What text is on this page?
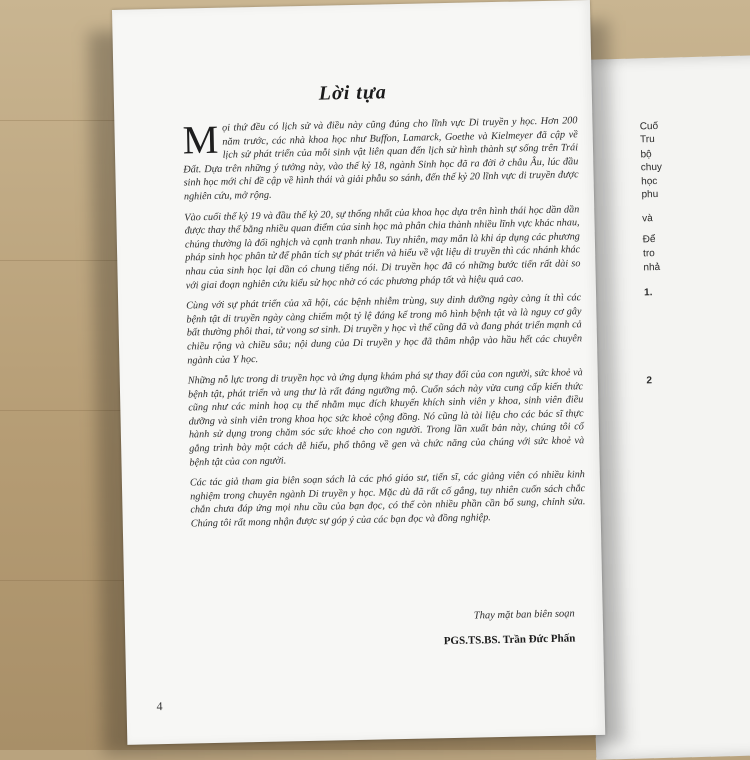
Cuố
Tru
bộ
chuy
học
phu
và
Để
tro
nhả
1.
2
Lời tựa

Mọi thứ đều có lịch sử và điều này cũng đúng cho lĩnh vực Di truyền y học. Hơn 200 năm trước, các nhà khoa học như Buffon, Lamarck, Goethe và Kielmeyer đã cập về lịch sử phát triển của mỗi sinh vật liên quan đến lịch sử hình thành sự sống trên Trái Đất. Dựa trên những ý tưởng này, vào thế kỷ 18, ngành Sinh học đã ra đời ở châu Âu, lúc đầu sinh học mới chỉ đề cập về hình thái và giải phẫu so sánh, đến thế kỷ 20 lĩnh vực di truyền được nghiên cứu, mở rộng.

Vào cuối thế kỷ 19 và đầu thế kỷ 20, sự thống nhất của khoa học dựa trên hình thái học dần dần được thay thế bằng nhiều quan điểm của sinh học mà phân chia thành nhiều lĩnh vực khác nhau, chúng thường là đối nghịch và cạnh tranh nhau. Tuy nhiên, may mắn là khi áp dụng các phương pháp sinh học phân tử để phân tích sự phát triển và hiểu về vật liệu di truyền thì các nhánh khác nhau của sinh học lại dần có chung tiếng nói. Di truyền học đã có những bước tiến rất dài so với giai đoạn nghiên cứu kiểu sử học nhờ có các phương pháp tốt và hiệu quả cao.

Cùng với sự phát triển của xã hội, các bệnh nhiễm trùng, suy dinh dưỡng ngày càng ít thì các bệnh tật di truyền ngày càng chiếm một tỷ lệ đáng kể trong mô hình bệnh tật và là nguy cơ gây bất thường phôi thai, tử vong sơ sinh. Di truyền y học vì thế cũng đã và đang phát triển mạnh cả chiều rộng và chiều sâu; nội dung của Di truyền y học đã thâm nhập vào hầu hết các chuyên ngành của Y học.

Những nỗ lực trong di truyền học và ứng dụng khám phá sự thay đổi của con người, sức khoẻ và bệnh tật, phát triển và ung thư là rất đáng ngưỡng mộ. Cuốn sách này vừa cung cấp kiến thức cũng như các minh hoạ cụ thể nhằm mục đích khuyến khích sinh viên y khoa, sinh viên điều dưỡng và sinh viên trong khoa học sức khoẻ cộng đồng. Nó cũng là tài liệu cho các bác sĩ thực hành sử dụng trong chăm sóc sức khoẻ cho con người. Trong lần xuất bản này, chúng tôi cố gắng trình bày một cách dễ hiểu, phổ thông về gen và chức năng của chúng với sức khoẻ và bệnh tật của con người.

Các tác giả tham gia biên soạn sách là các phó giáo sư, tiến sĩ, các giảng viên có nhiều kinh nghiệm trong chuyên ngành Di truyền y học. Mặc dù đã rất cố gắng, tuy nhiên cuốn sách chắc chắn chưa đáp ứng mọi nhu cầu của bạn đọc, có thể còn nhiều phần cần bổ sung, chỉnh sửa. Chúng tôi rất mong nhận được sự góp ý của các bạn đọc và đồng nghiệp.

Thay mặt ban biên soạn
PGS.TS.BS. Trần Đức Phấn
4
